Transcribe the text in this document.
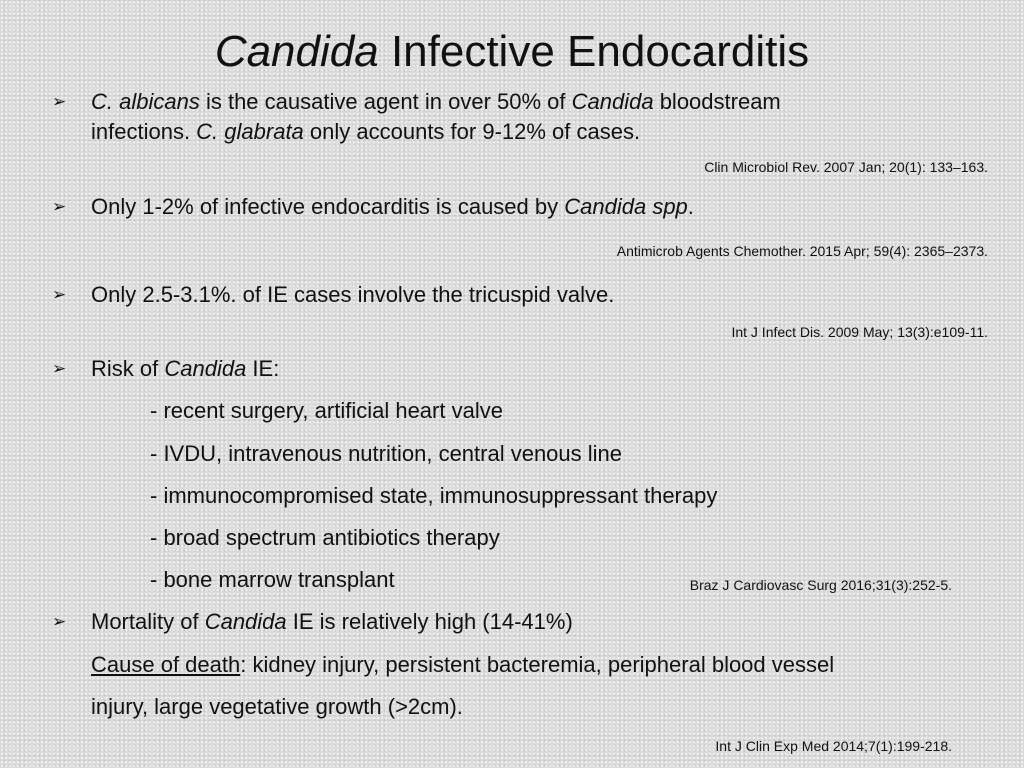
Candida Infective Endocarditis
➢ C. albicans is the causative agent in over 50% of Candida bloodstream
infections. C. glabrata only accounts for 9-12% of cases.
Clin Microbiol Rev. 2007 Jan; 20(1): 133–163.
➢ Only 1-2% of infective endocarditis is caused by Candida spp.
Antimicrob Agents Chemother. 2015 Apr; 59(4): 2365–2373.
➢ Only 2.5-3.1%. of IE cases involve the tricuspid valve.
Int J Infect Dis. 2009 May; 13(3):e109-11.
➢ Risk of Candida IE:
- recent surgery, artificial heart valve
- IVDU, intravenous nutrition, central venous line
- immunocompromised state, immunosuppressant therapy
- broad spectrum antibiotics therapy
- bone marrow transplant	Braz J Cardiovasc Surg 2016;31(3):252-5.
➢ Mortality of Candida IE is relatively high (14-41%)
Cause of death: kidney injury, persistent bacteremia, peripheral blood vessel
injury, large vegetative growth (>2cm).
Int J Clin Exp Med 2014;7(1):199-218.
